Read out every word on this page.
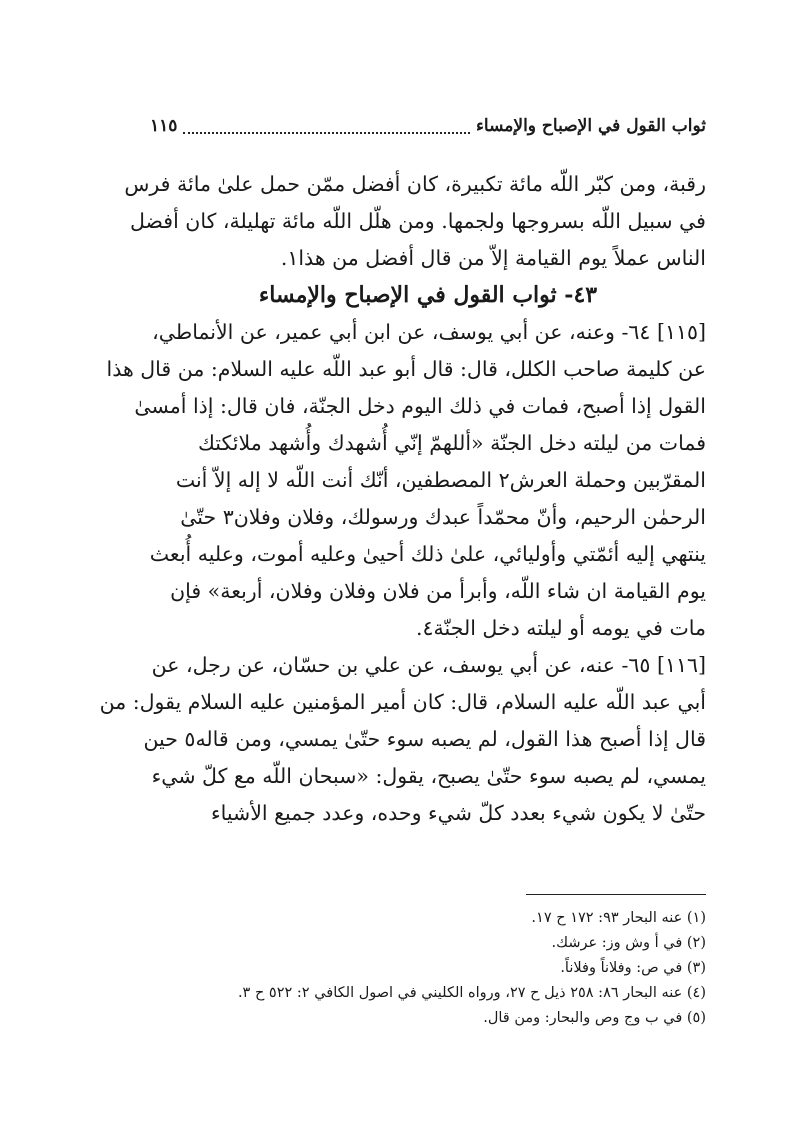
ثواب القول في الإصباح والإمساء
١١٥

رقبة، ومن كبّر اللّه مائة تكبيرة، كان أفضل ممّن حمل علىٰ مائة فرس

في سبيل اللّه بسروجها ولجمها. ومن هلّل اللّه مائة تهليلة، كان أفضل

الناس عملاً يوم القيامة إلاّ من قال أفضل من هذا١.

٤٣- ثواب القول في الإصباح والإمساء

[١١٥] ٦٤- وعنه، عن أبي يوسف، عن ابن أبي عمير، عن الأنماطي،

عن كليمة صاحب الكلل، قال: قال أبو عبد اللّه عليه السلام: من قال هذا

القول إذا أصبح، فمات في ذلك اليوم دخل الجنّة، فان قال: إذا أمسىٰ

فمات من ليلته دخل الجنّة «أللهمّ إنّي أُشهدك وأُشهد ملائكتك

المقرّبين وحملة العرش٢ المصطفين، أنّك أنت اللّه لا إله إلاّ أنت

الرحمٰن الرحيم، وأنّ محمّداً عبدك ورسولك، وفلان وفلان٣ حتّىٰ

ينتهي إليه أئمّتي وأوليائي، علىٰ ذلك أحيىٰ وعليه أموت، وعليه أُبعث

يوم القيامة ان شاء اللّه، وأبرأ من فلان وفلان وفلان، أربعة» فإن

مات في يومه أو ليلته دخل الجنّة٤.

[١١٦] ٦٥- عنه، عن أبي يوسف، عن علي بن حسّان، عن رجل، عن

أبي عبد اللّه عليه السلام، قال: كان أمير المؤمنين عليه السلام يقول: من

قال إذا أصبح هذا القول، لم يصبه سوء حتّىٰ يمسي، ومن قاله٥ حين

يمسي، لم يصبه سوء حتّىٰ يصبح، يقول: «سبحان اللّه مع كلّ شيء

حتّىٰ لا يكون شيء بعدد كلّ شيء وحده، وعدد جميع الأشياء

(١) عنه البحار ٩٣: ١٧٢ ح ١٧.

(٢) في أ وش وز: عرشك.

(٣) في ص: وفلاناً وفلاناً.

(٤) عنه البحار ٨٦: ٢٥٨ ذيل ح ٢٧، ورواه الكليني في اصول الكافي ٢: ٥٢٢ ح ٣.

(٥) في ب وج وص والبحار: ومن قال.
